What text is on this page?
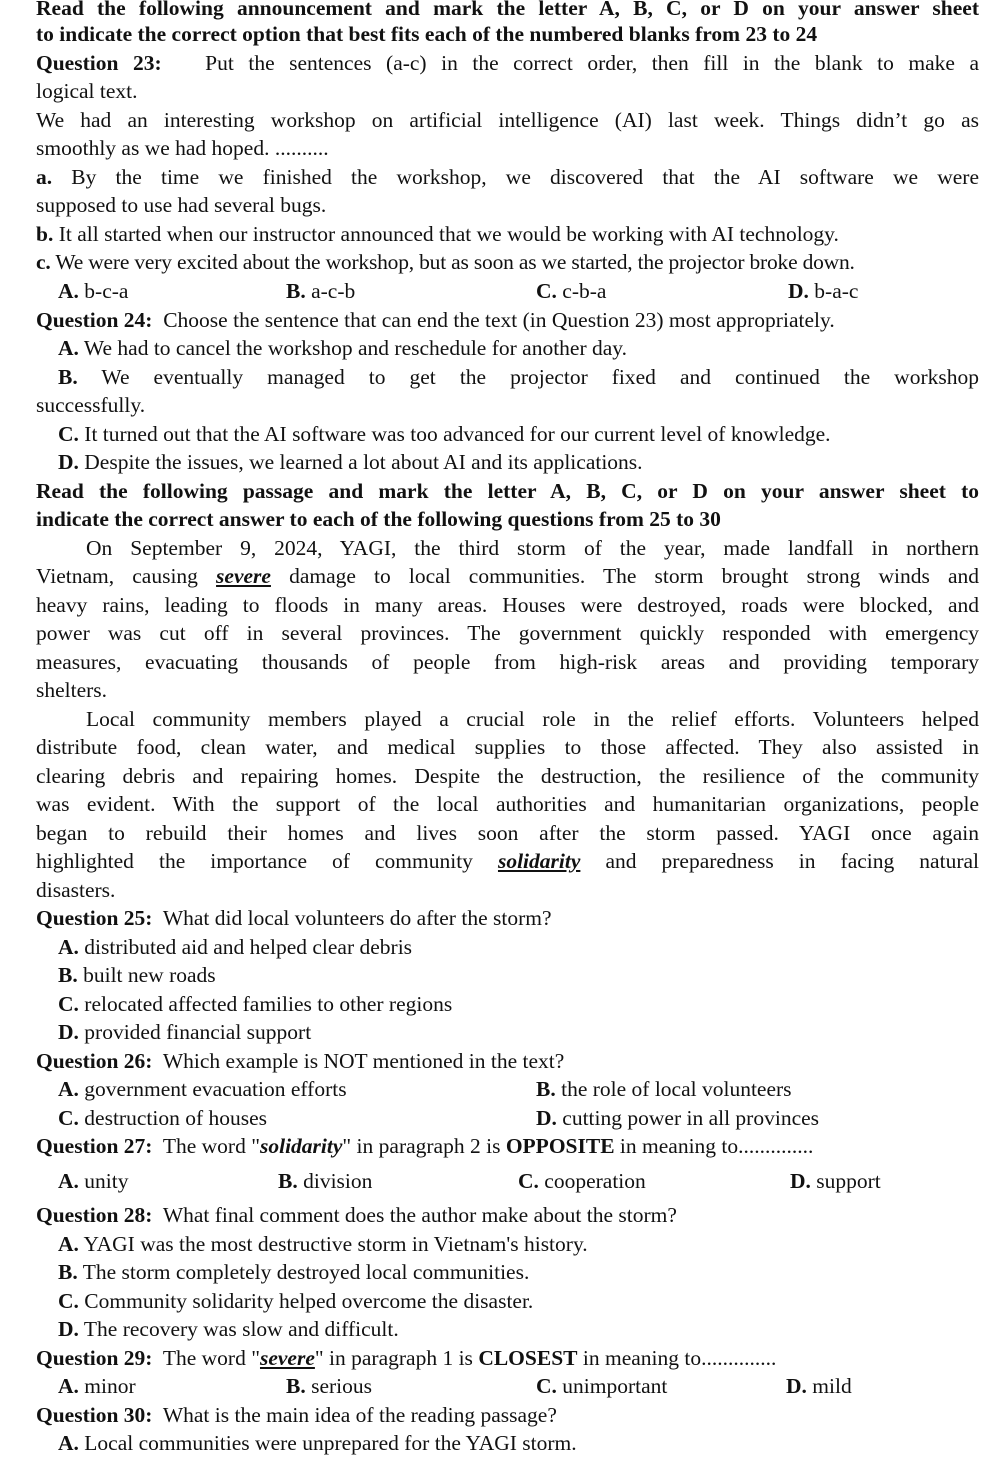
Read the following announcement and mark the letter A, B, C, or D on your answer sheet
to indicate the correct option that best fits each of the numbered blanks from 23 to 24
Question 23: Put the sentences (a-c) in the correct order, then fill in the blank to make a
logical text.
We had an interesting workshop on artificial intelligence (AI) last week. Things didn’t go as
smoothly as we had hoped. ..........
a. By the time we finished the workshop, we discovered that the AI software we were
supposed to use had several bugs.
b. It all started when our instructor announced that we would be working with AI technology.
c. We were very excited about the workshop, but as soon as we started, the projector broke down.
A. b-c-a	B. a-c-b	C. c-b-a	D. b-a-c
Question 24: Choose the sentence that can end the text (in Question 23) most appropriately.
A. We had to cancel the workshop and reschedule for another day.
B. We eventually managed to get the projector fixed and continued the workshop
successfully.
C. It turned out that the AI software was too advanced for our current level of knowledge.
D. Despite the issues, we learned a lot about AI and its applications.
Read the following passage and mark the letter A, B, C, or D on your answer sheet to
indicate the correct answer to each of the following questions from 25 to 30
On September 9, 2024, YAGI, the third storm of the year, made landfall in northern
Vietnam, causing severe damage to local communities. The storm brought strong winds and
heavy rains, leading to floods in many areas. Houses were destroyed, roads were blocked, and
power was cut off in several provinces. The government quickly responded with emergency
measures, evacuating thousands of people from high-risk areas and providing temporary
shelters.
Local community members played a crucial role in the relief efforts. Volunteers helped
distribute food, clean water, and medical supplies to those affected. They also assisted in
clearing debris and repairing homes. Despite the destruction, the resilience of the community
was evident. With the support of the local authorities and humanitarian organizations, people
began to rebuild their homes and lives soon after the storm passed. YAGI once again
highlighted the importance of community solidarity and preparedness in facing natural
disasters.
Question 25: What did local volunteers do after the storm?
A. distributed aid and helped clear debris
B. built new roads
C. relocated affected families to other regions
D. provided financial support
Question 26: Which example is NOT mentioned in the text?
A. government evacuation efforts	B. the role of local volunteers
C. destruction of houses	D. cutting power in all provinces
Question 27: The word "solidarity" in paragraph 2 is OPPOSITE in meaning to..............
A. unity	B. division	C. cooperation	D. support
Question 28: What final comment does the author make about the storm?
A. YAGI was the most destructive storm in Vietnam's history.
B. The storm completely destroyed local communities.
C. Community solidarity helped overcome the disaster.
D. The recovery was slow and difficult.
Question 29: The word "severe" in paragraph 1 is CLOSEST in meaning to..............
A. minor	B. serious	C. unimportant	D. mild
Question 30: What is the main idea of the reading passage?
A. Local communities were unprepared for the YAGI storm.
